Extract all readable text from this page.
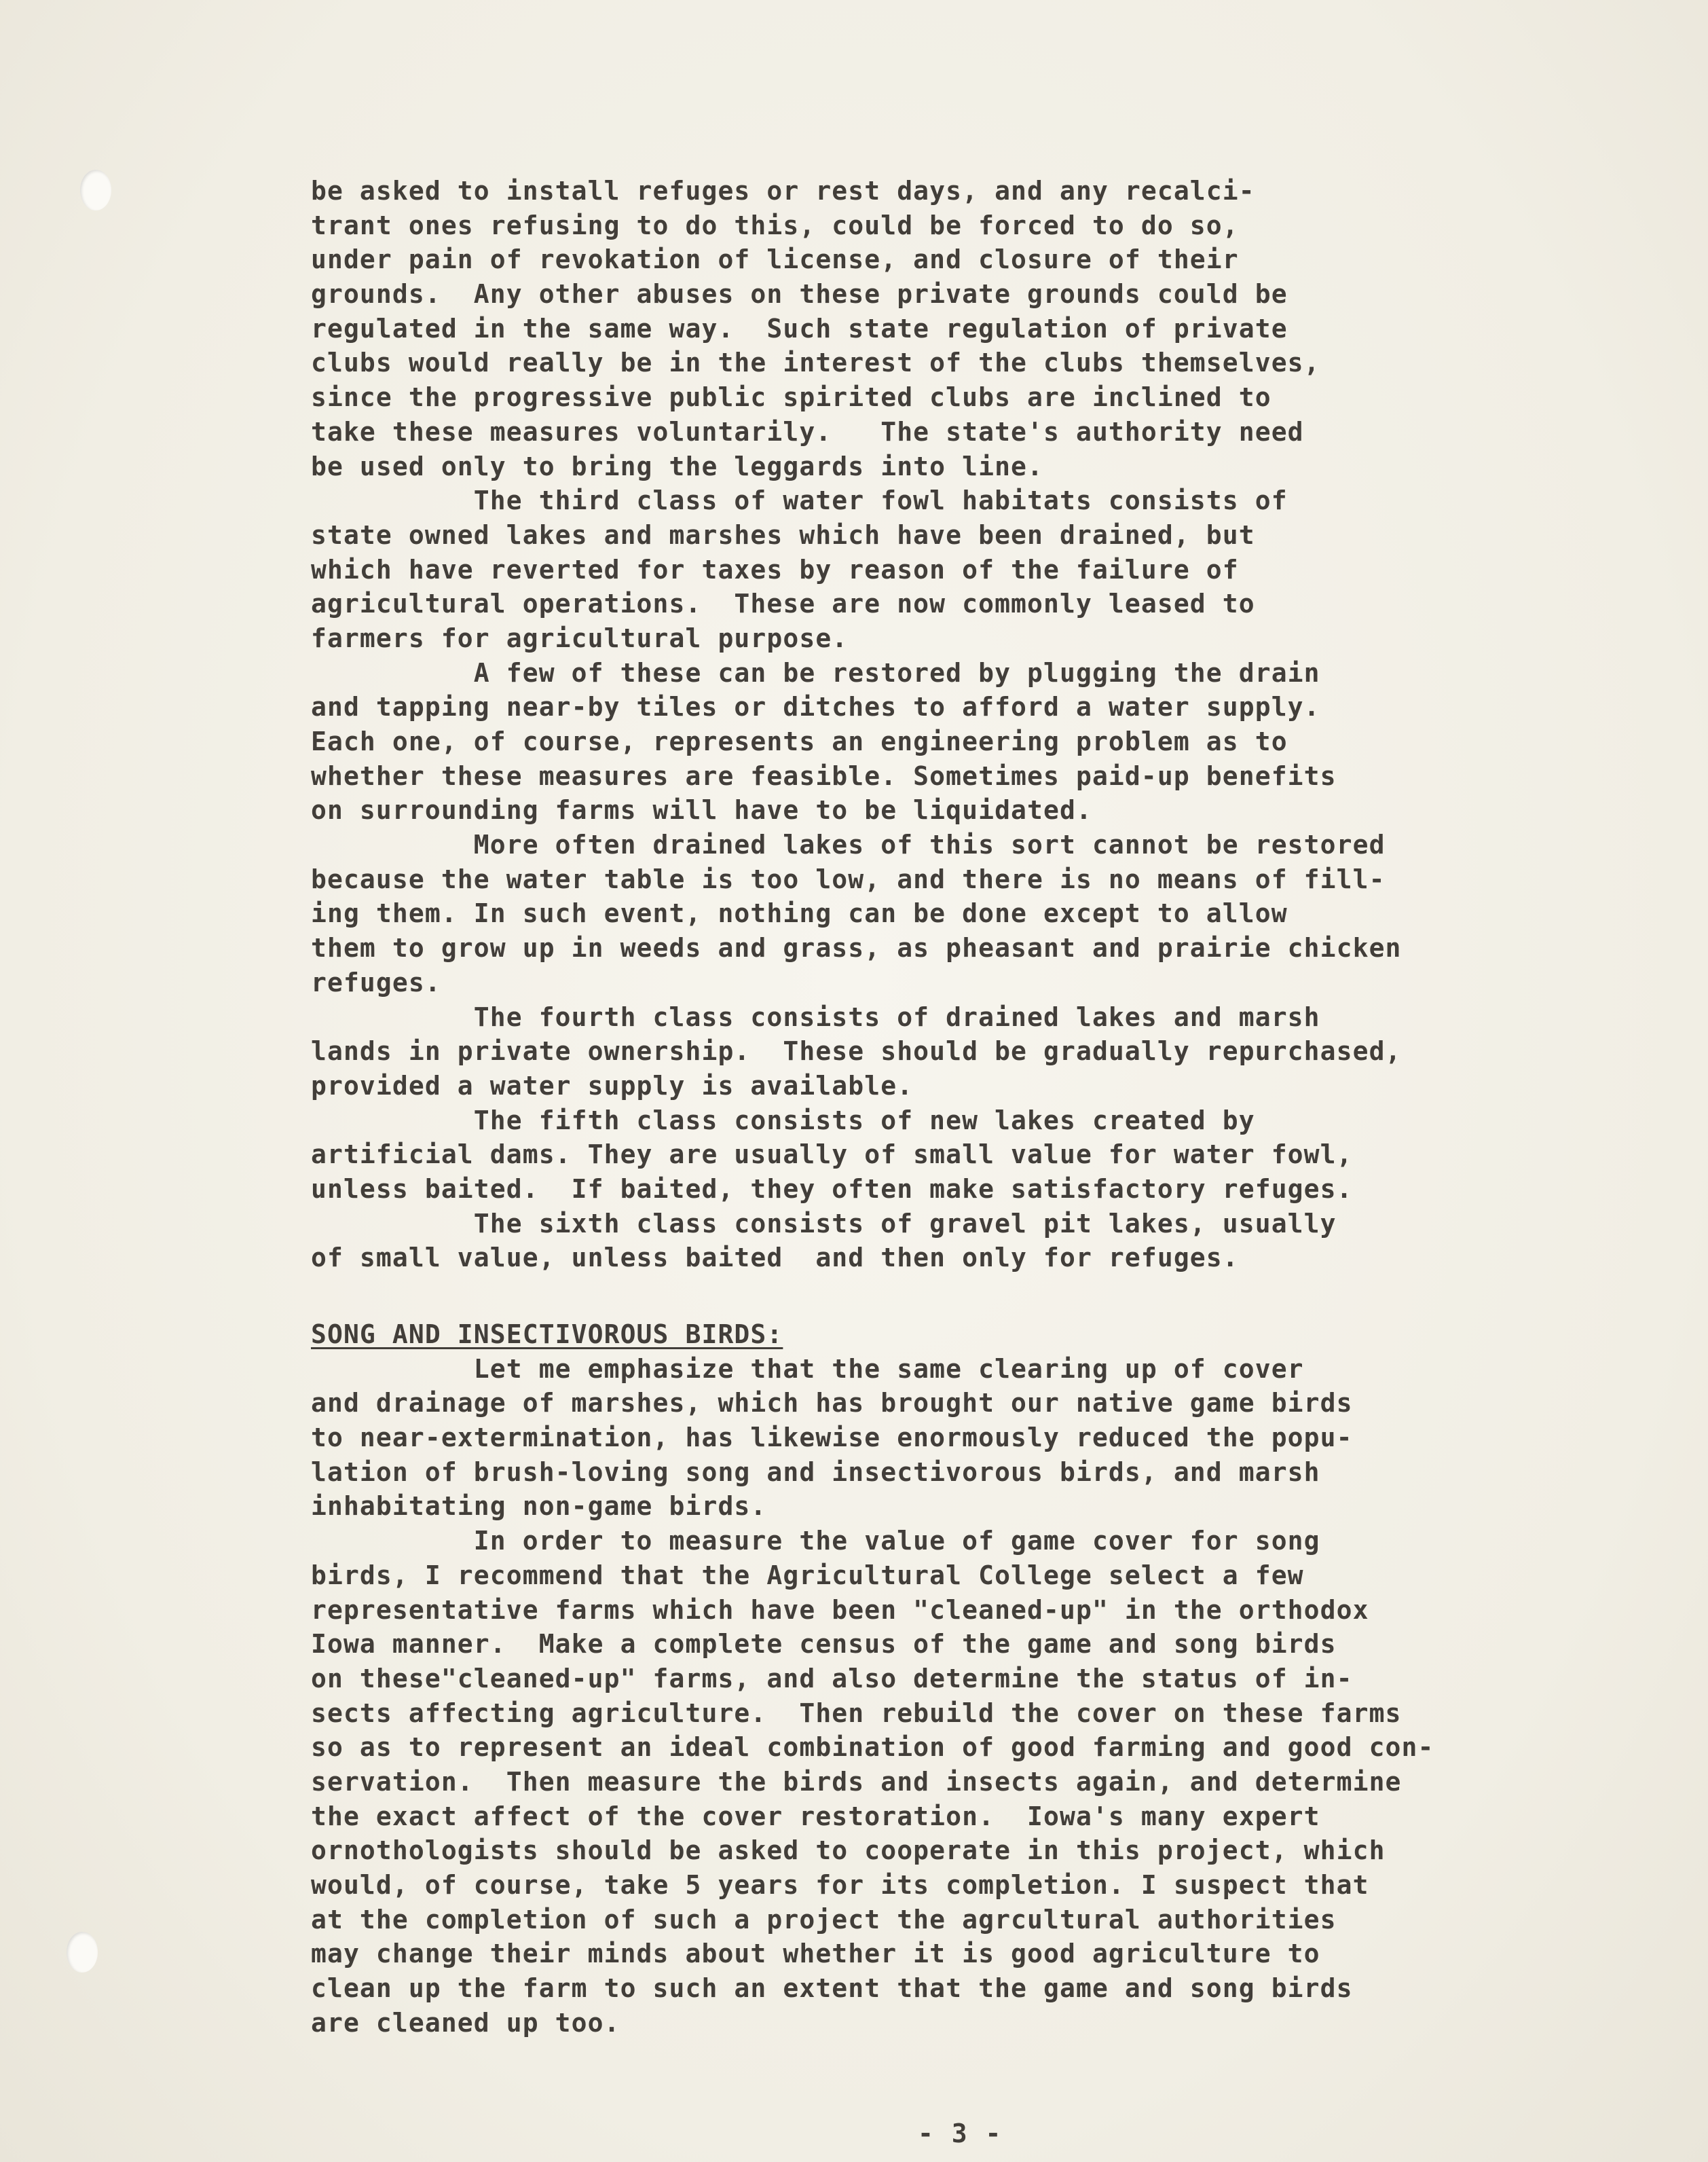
be asked to install refuges or rest days, and any recalci-
trant ones refusing to do this, could be forced to do so,
under pain of revokation of license, and closure of their
grounds.  Any other abuses on these private grounds could be
regulated in the same way.  Such state regulation of private
clubs would really be in the interest of the clubs themselves,
since the progressive public spirited clubs are inclined to
take these measures voluntarily.   The state's authority need
be used only to bring the leggards into line.
The third class of water fowl habitats consists of
state owned lakes and marshes which have been drained, but
which have reverted for taxes by reason of the failure of
agricultural operations.  These are now commonly leased to
farmers for agricultural purpose.
A few of these can be restored by plugging the drain
and tapping near-by tiles or ditches to afford a water supply.
Each one, of course, represents an engineering problem as to
whether these measures are feasible. Sometimes paid-up benefits
on surrounding farms will have to be liquidated.
More often drained lakes of this sort cannot be restored
because the water table is too low, and there is no means of fill-
ing them. In such event, nothing can be done except to allow
them to grow up in weeds and grass, as pheasant and prairie chicken
refuges.
The fourth class consists of drained lakes and marsh
lands in private ownership.  These should be gradually repurchased,
provided a water supply is available.
The fifth class consists of new lakes created by
artificial dams. They are usually of small value for water fowl,
unless baited.  If baited, they often make satisfactory refuges.
The sixth class consists of gravel pit lakes, usually
of small value, unless baited  and then only for refuges.
SONG AND INSECTIVOROUS BIRDS:
Let me emphasize that the same clearing up of cover
and drainage of marshes, which has brought our native game birds
to near-extermination, has likewise enormously reduced the popu-
lation of brush-loving song and insectivorous birds, and marsh
inhabitating non-game birds.
In order to measure the value of game cover for song
birds, I recommend that the Agricultural College select a few
representative farms which have been "cleaned-up" in the orthodox
Iowa manner.  Make a complete census of the game and song birds
on these"cleaned-up" farms, and also determine the status of in-
sects affecting agriculture.  Then rebuild the cover on these farms
so as to represent an ideal combination of good farming and good con-
servation.  Then measure the birds and insects again, and determine
the exact affect of the cover restoration.  Iowa's many expert
ornothologists should be asked to cooperate in this project, which
would, of course, take 5 years for its completion. I suspect that
at the completion of such a project the agrcultural authorities
may change their minds about whether it is good agriculture to
clean up the farm to such an extent that the game and song birds
are cleaned up too.
- 3 -
